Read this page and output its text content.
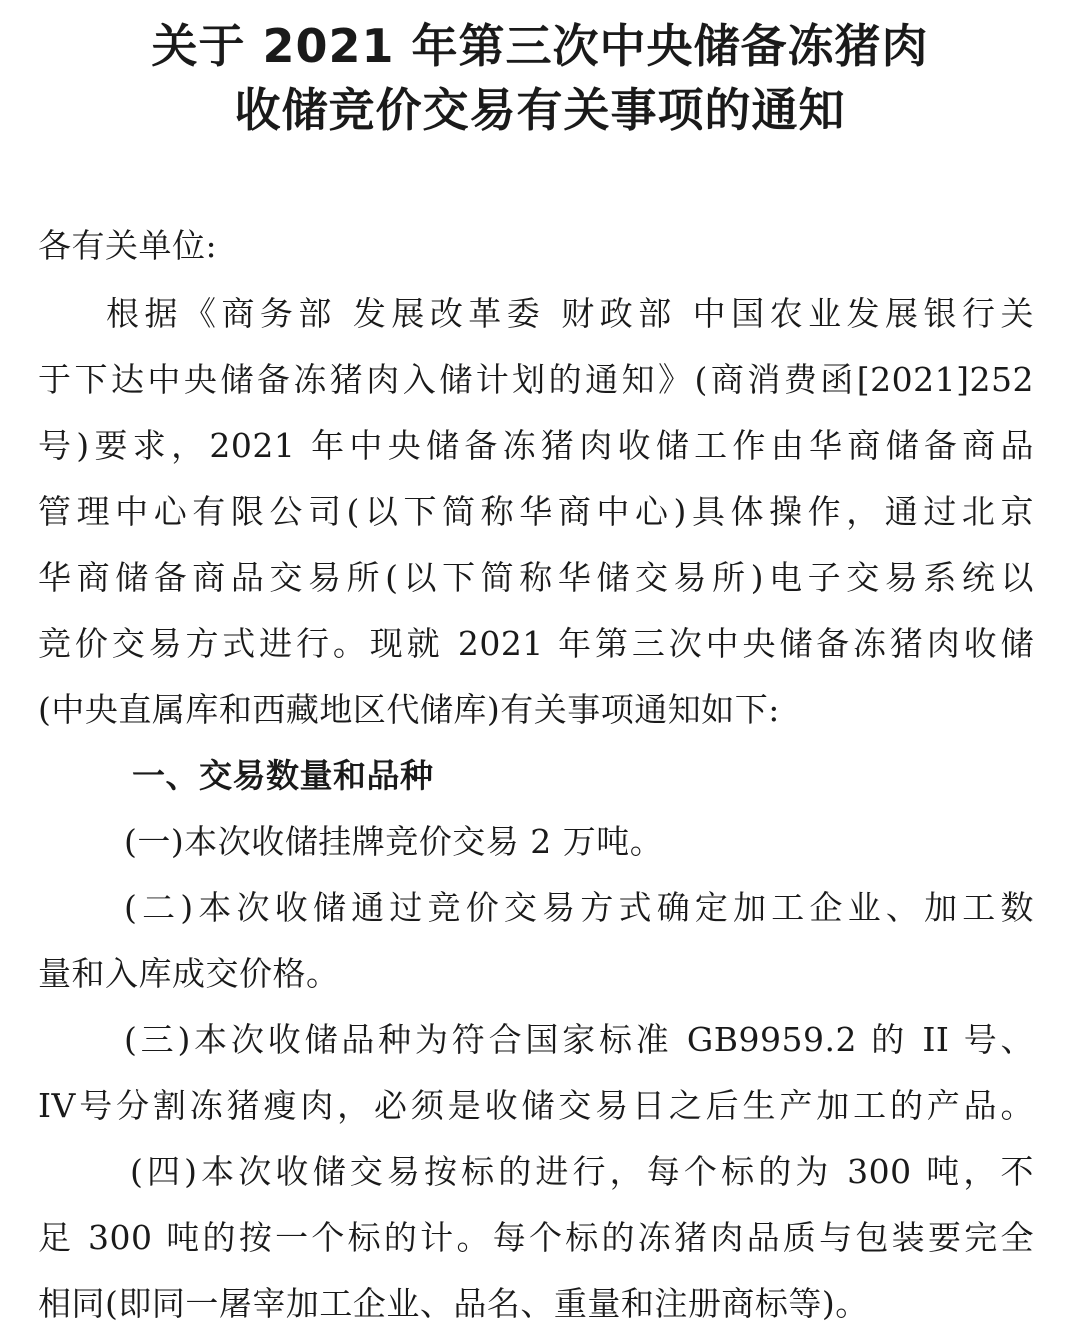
关于 2021 年第三次中央储备冻猪肉
收储竞价交易有关事项的通知
各有关单位:
根据《商务部 发展改革委 财政部 中国农业发展银行关
于下达中央储备冻猪肉入储计划的通知》(商消费函[2021]252
号)要求，2021 年中央储备冻猪肉收储工作由华商储备商品
管理中心有限公司(以下简称华商中心)具体操作，通过北京
华商储备商品交易所(以下简称华储交易所)电子交易系统以
竞价交易方式进行。现就 2021 年第三次中央储备冻猪肉收储
(中央直属库和西藏地区代储库)有关事项通知如下:
一、交易数量和品种
(一)本次收储挂牌竞价交易 2 万吨。
(二)本次收储通过竞价交易方式确定加工企业、加工数
量和入库成交价格。
(三)本次收储品种为符合国家标准 GB9959.2 的 II 号、
IV号分割冻猪瘦肉，必须是收储交易日之后生产加工的产品。
(四)本次收储交易按标的进行，每个标的为 300 吨，不
足 300 吨的按一个标的计。每个标的冻猪肉品质与包装要完全
相同(即同一屠宰加工企业、品名、重量和注册商标等)。
